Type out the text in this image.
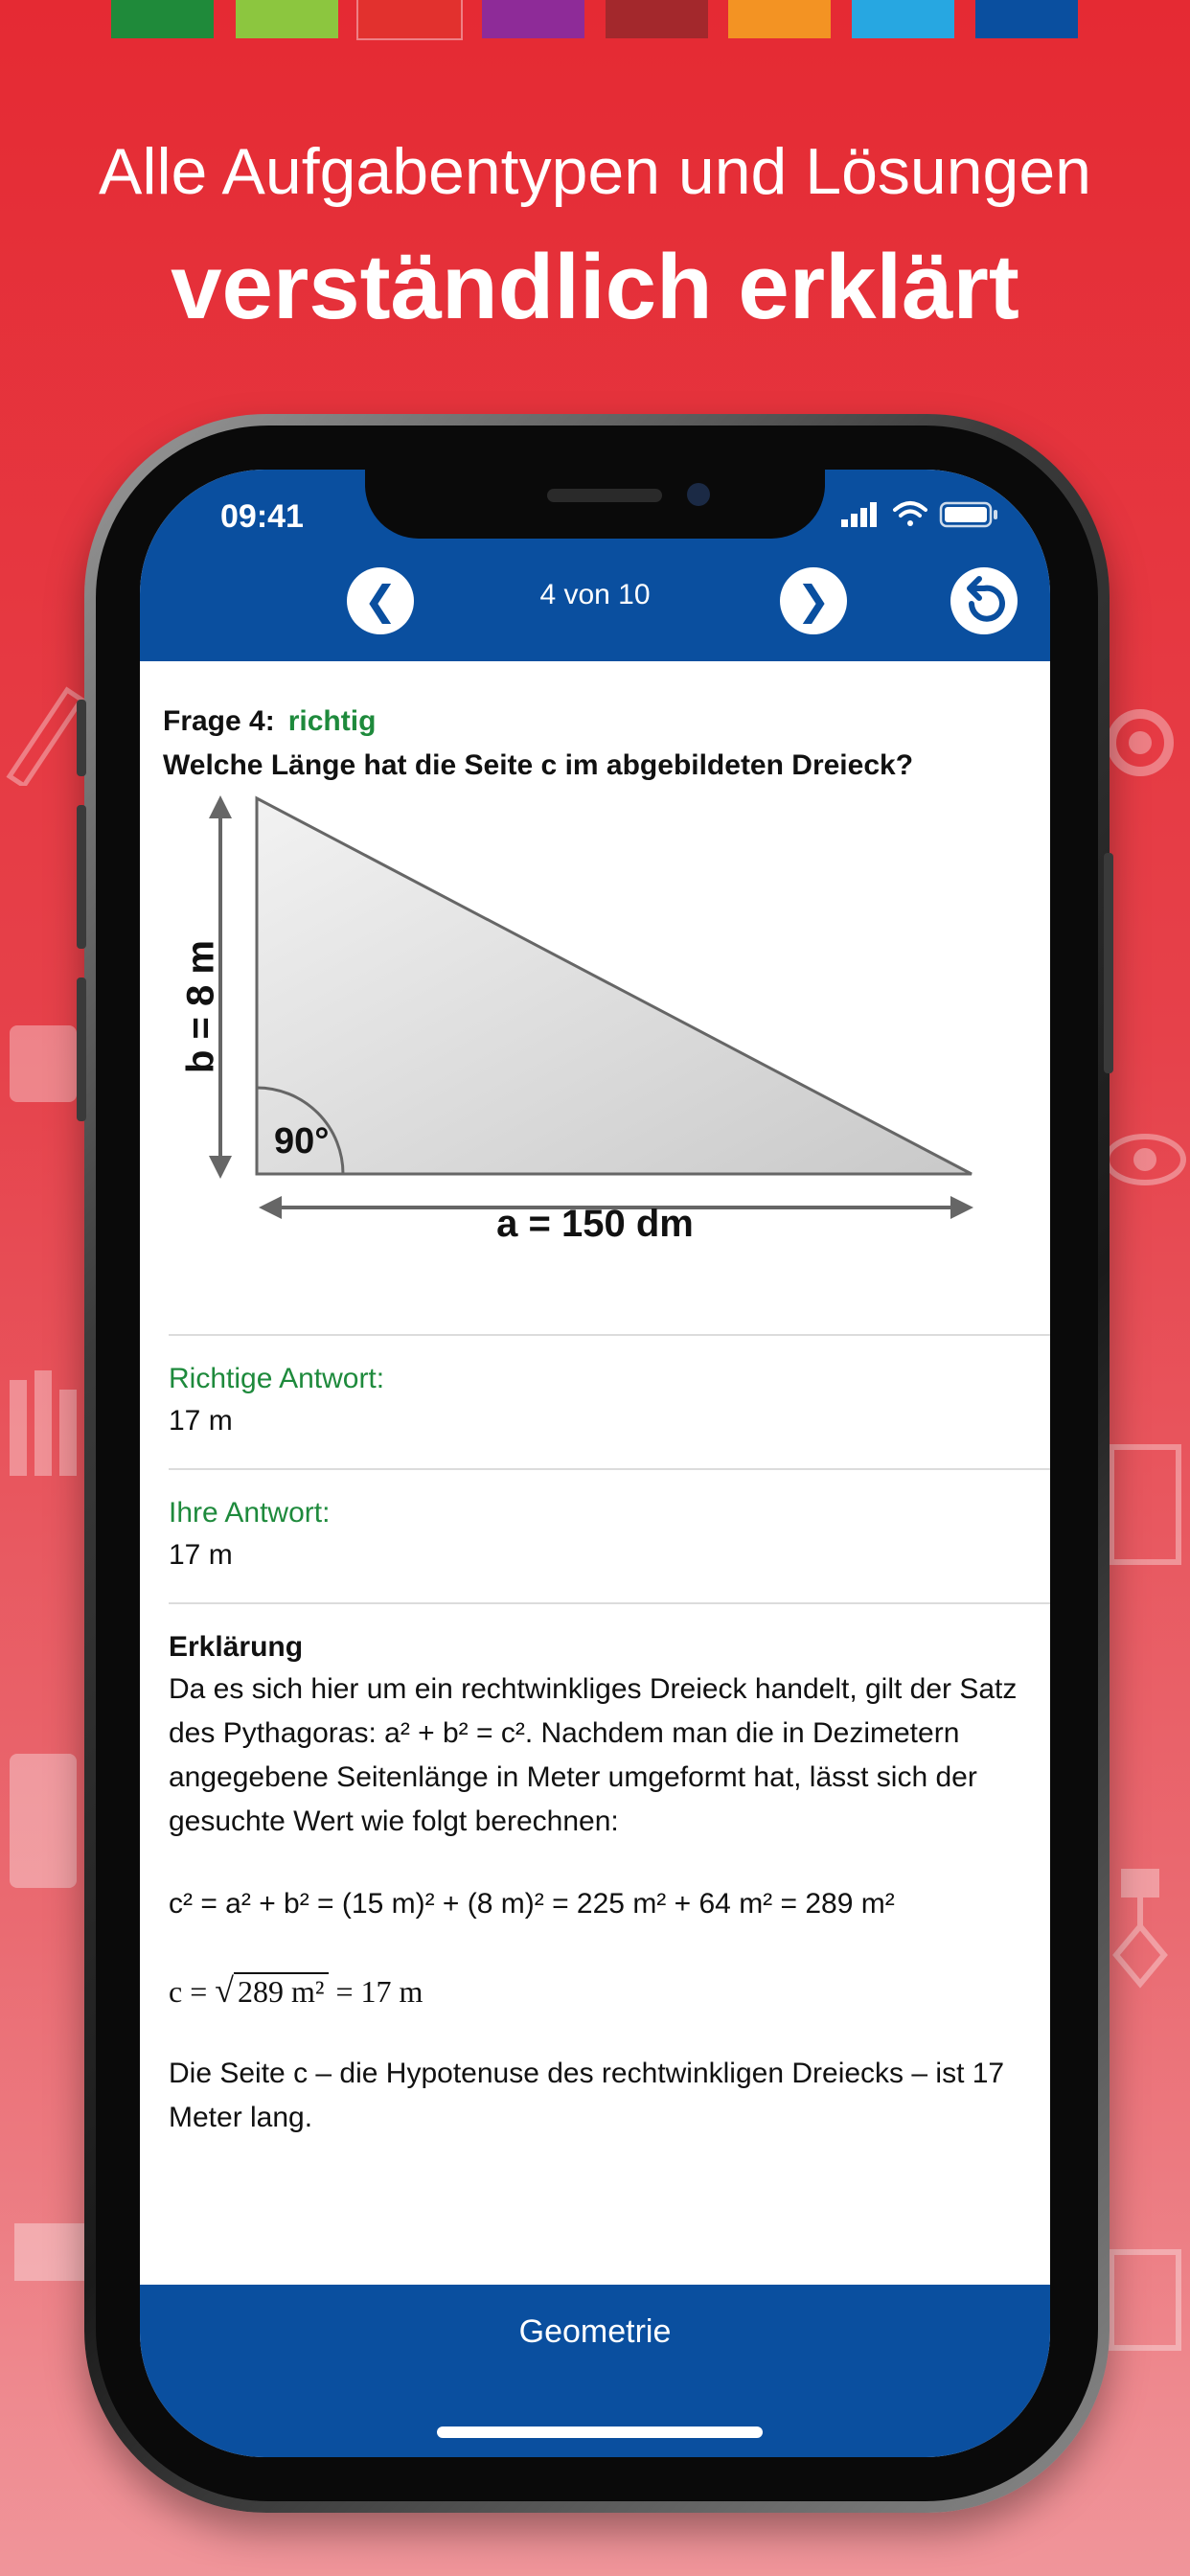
Alle Aufgabentypen und Lösungen
verständlich erklärt
09:41
❮	4 von 10	❯
Frage 4: richtig
Welche Länge hat die Seite c im abgebildeten Dreieck?
b = 8 m
90°
a = 150 dm
Richtige Antwort:
17 m
Ihre Antwort:
17 m
Erklärung
Da es sich hier um ein rechtwinkliges Dreieck handelt, gilt der Satz des Pythagoras: a² + b² = c². Nachdem man die in Dezimetern angegebene Seitenlänge in Meter umgeformt hat, lässt sich der gesuchte Wert wie folgt berechnen:
c² = a² + b² = (15 m)² + (8 m)² = 225 m² + 64 m² = 289 m²
c = √ 289 m² = 17 m
Die Seite c – die Hypotenuse des rechtwinkligen Dreiecks – ist 17 Meter lang.
Geometrie
